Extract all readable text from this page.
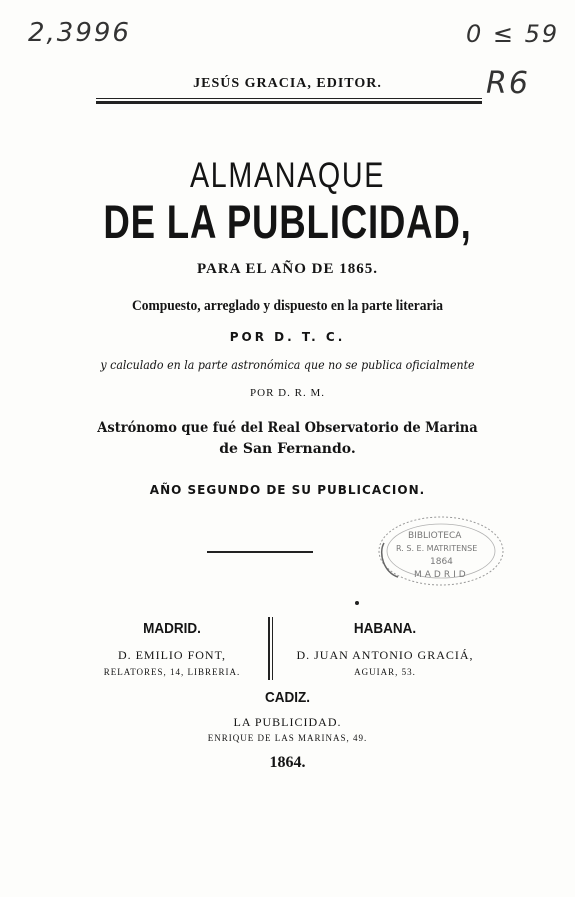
2,3996	0 ≤ 59
R6
JESÚS GRACIA, EDITOR.
ALMANAQUE
DE LA PUBLICIDAD,
PARA EL AÑO DE 1865.
Compuesto, arreglado y dispuesto en la parte literaria
POR D. T. C.
y calculado en la parte astronómica que no se publica oficialmente
POR D. R. M.
Astrónomo que fué del Real Observatorio de Marina
de San Fernando.
AÑO SEGUNDO DE SU PUBLICACION.
BIBLIOTECA
R. S. E. MATRITENSE
1864
MADRID
MADRID.
D. EMILIO FONT,
RELATORES, 14, LIBRERIA.
HABANA.
D. JUAN ANTONIO GRACIÁ,
AGUIAR, 53.
CADIZ.
LA PUBLICIDAD.
ENRIQUE DE LAS MARINAS, 49.
1864.
